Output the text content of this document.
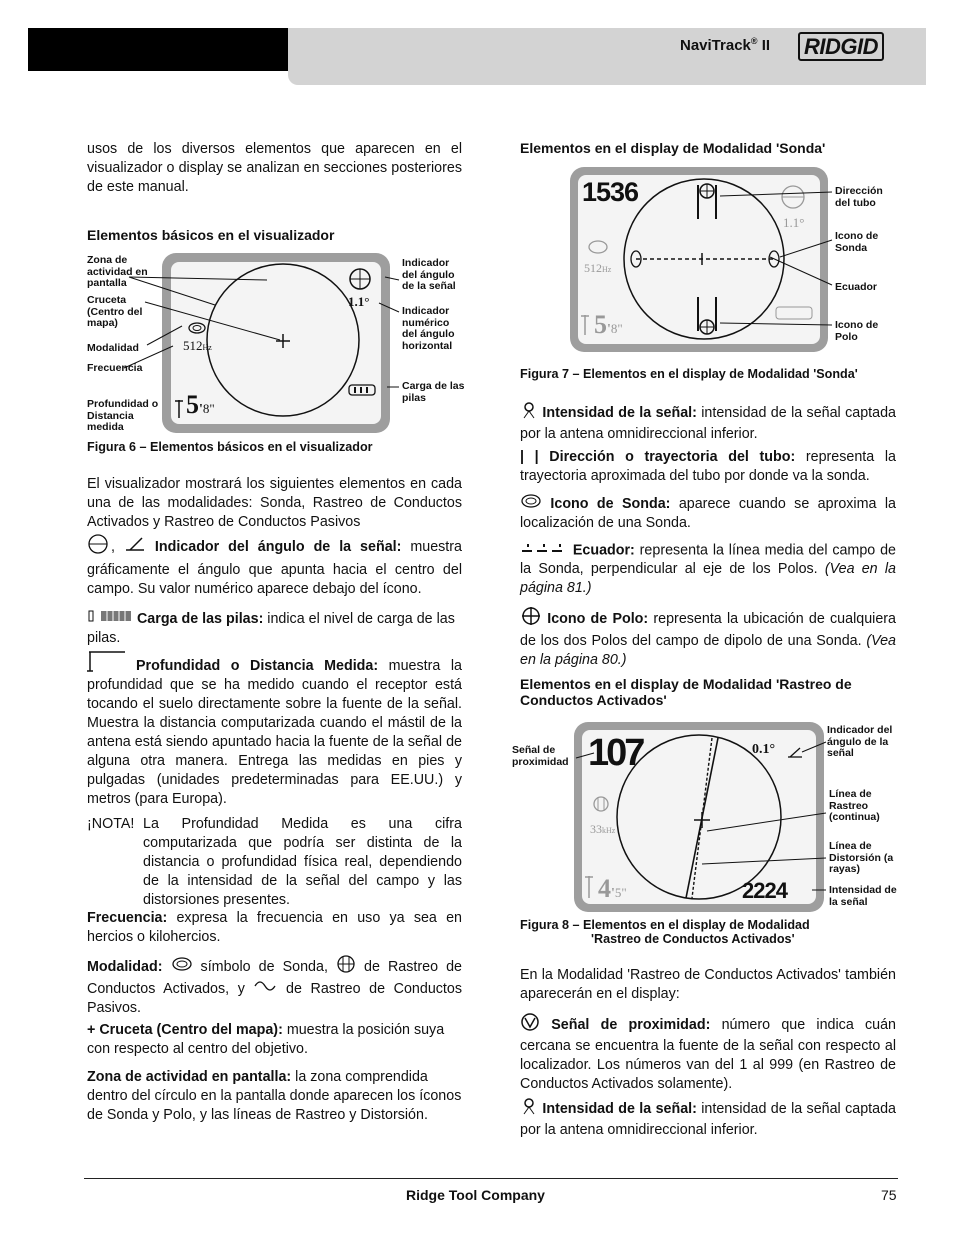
NaviTrack® II RIDGID
usos de los diversos elementos que aparecen en el visualizador o display se analizan en secciones posteriores de este manual.
Elementos básicos en el visualizador
1.1°
512Hz
5'8"
Zona de actividad en pantalla
Cruceta (Centro del mapa)
Modalidad
Frecuencia
Profundidad o Distancia medida
Indicador del ángulo de la señal
Indicador numérico del ángulo horizontal
Carga de las pilas
Figura 6 – Elementos básicos en el visualizador
El visualizador mostrará los siguientes elementos en cada una de las modalidades: Sonda, Rastreo de Conductos Activados y Rastreo de Conductos Pasivos
,  Indicador del ángulo de la señal: muestra gráficamente el ángulo que apunta hacia el centro del campo. Su valor numérico aparece debajo del ícono.
Carga de las pilas: indica el nivel de carga de las pilas.
Profundidad o Distancia Medida: muestra la profundidad que se ha medido cuando el receptor está tocando el suelo directamente sobre la fuente de la señal. Muestra la distancia computarizada cuando el mástil de la antena está siendo apuntado hacia la fuente de la señal de alguna otra manera. Entrega las medidas en pies y pulgadas (unidades predeterminadas para EE.UU.) y metros (para Europa).
¡NOTA! La Profundidad Medida es una cifra computarizada que podría ser distinta de la distancia o profundidad física real, dependiendo de la intensidad de la señal del campo y las distorsiones presentes.
Frecuencia: expresa la frecuencia en uso ya sea en hercios o kilohercios.
Modalidad:  símbolo de Sonda,  de Rastreo de Conductos Activados, y  de Rastreo de Conductos Pasivos.
+ Cruceta (Centro del mapa): muestra la posición suya con respecto al centro del objetivo.
Zona de actividad en pantalla: la zona comprendida dentro del círculo en la pantalla donde aparecen los íconos de Sonda y Polo, y las líneas de Rastreo y Distorsión.
Elementos en el display de Modalidad 'Sonda'
1536
1.1°
512Hz
5'8"
Dirección del tubo
Icono de Sonda
Ecuador
Icono de Polo
Figura 7 – Elementos en el display de Modalidad 'Sonda'
Intensidad de la señal: intensidad de la señal captada por la antena omnidireccional inferior.
| | Dirección o trayectoria del tubo: representa la trayectoria aproximada del tubo por donde va la sonda.
Icono de Sonda: aparece cuando se aproxima la localización de una Sonda.
Ecuador: representa la línea media del campo de la Sonda, perpendicular al eje de los Polos. (Vea en la página 81.)
Icono de Polo: representa la ubicación de cualquiera de los dos Polos del campo de dipolo de una Sonda. (Vea en la página 80.)
Elementos en el display de Modalidad 'Rastreo de Conductos Activados'
107	0.1°
33kHz
4'5"	2224
Señal de proximidad
Indicador del ángulo de la señal
Línea de Rastreo (continua)
Línea de Distorsión (a rayas)
Intensidad de la señal
Figura 8 – Elementos en el display de Modalidad
'Rastreo de Conductos Activados'
En la Modalidad 'Rastreo de Conductos Activados' también aparecerán en el display:
Señal de proximidad: número que indica cuán cercana se encuentra la fuente de la señal con respecto al localizador. Los números van del 1 al 999 (en Rastreo de Conductos Activados solamente).
Intensidad de la señal: intensidad de la señal captada por la antena omnidireccional inferior.
Ridge Tool Company	75
